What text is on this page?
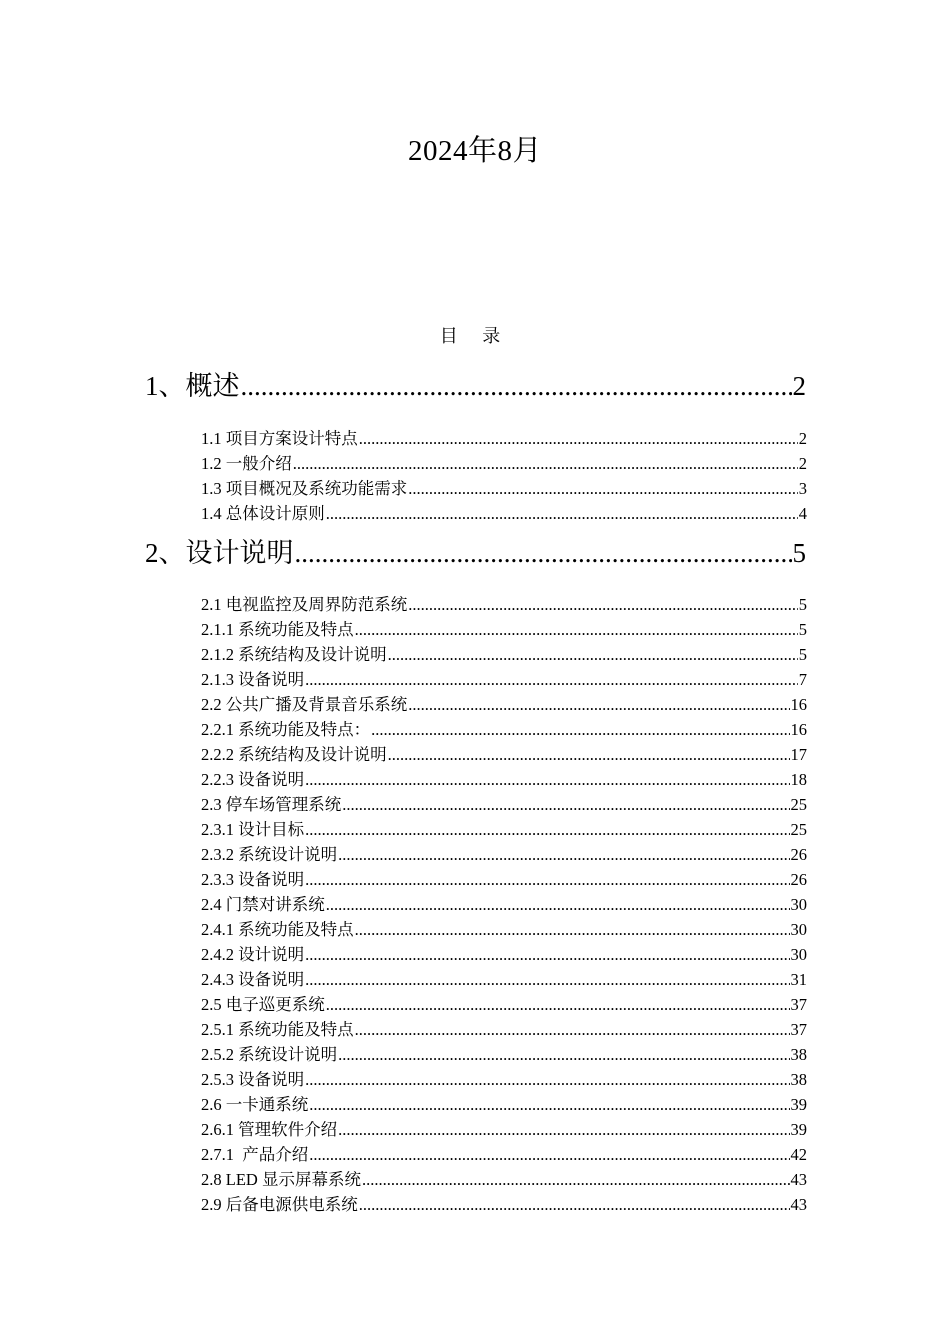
2024年8月
目 录
1、概述 .....	2
1.1 项目方案设计特点 .....	2
1.2 一般介绍 .....	2
1.3 项目概况及系统功能需求 .....	3
1.4 总体设计原则 .....	4
2、设计说明 .....	5
2.1 电视监控及周界防范系统 .....	5
2.1.1 系统功能及特点 .....	5
2.1.2 系统结构及设计说明 .....	5
2.1.3 设备说明 .....	7
2.2 公共广播及背景音乐系统 .....	16
2.2.1 系统功能及特点： .....	16
2.2.2 系统结构及设计说明 .....	17
2.2.3 设备说明 .....	18
2.3 停车场管理系统 .....	25
2.3.1 设计目标 .....	25
2.3.2 系统设计说明 .....	26
2.3.3 设备说明 .....	26
2.4 门禁对讲系统 .....	30
2.4.1 系统功能及特点 .....	30
2.4.2 设计说明 .....	30
2.4.3 设备说明 .....	31
2.5 电子巡更系统 .....	37
2.5.1 系统功能及特点 .....	37
2.5.2 系统设计说明 .....	38
2.5.3 设备说明 .....	38
2.6 一卡通系统 .....	39
2.6.1 管理软件介绍 .....	39
2.7.1  产品介绍 .....	42
2.8 LED 显示屏幕系统 .....	43
2.9 后备电源供电系统 .....	43
